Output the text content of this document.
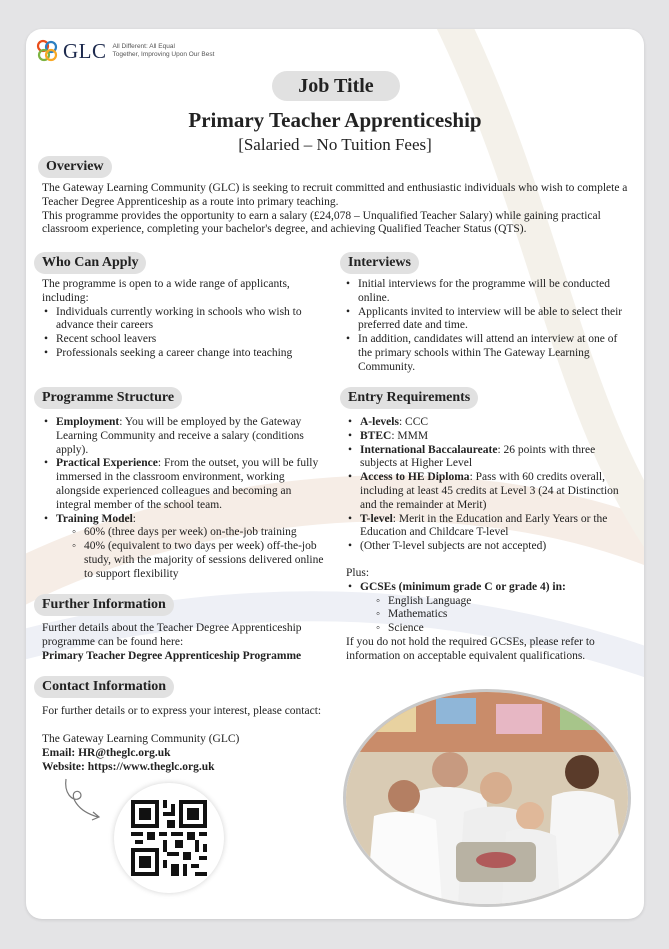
GLC All Different: All Equal
Together, Improving Upon Our Best
Job Title
Primary Teacher Apprenticeship
[Salaried – No Tuition Fees]
Overview

The Gateway Learning Community (GLC) is seeking to recruit committed and enthusiastic individuals who wish to complete a Teacher Degree Apprenticeship as a route into primary teaching.

This programme provides the opportunity to earn a salary (£24,078 – Unqualified Teacher Salary) while gaining practical classroom experience, completing your bachelor's degree, and achieving Qualified Teacher Status (QTS).

Who Can Apply

The programme is open to a wide range of applicants, including:

• Individuals currently working in schools who wish to advance their careers
• Recent school leavers
• Professionals seeking a career change into teaching
Interviews
• Initial interviews for the programme will be conducted online.
• Applicants invited to interview will be able to select their preferred date and time.
• In addition, candidates will attend an interview at one of the primary schools within The Gateway Learning Community.
Programme Structure
• Employment: You will be employed by the Gateway Learning Community and receive a salary (conditions apply).
• Practical Experience: From the outset, you will be fully immersed in the classroom environment, working alongside experienced colleagues and becoming an integral member of the school team.
• Training Model:
◦ 60% (three days per week) on-the-job training
◦ 40% (equivalent to two days per week) off-the-job study, with the majority of sessions delivered online to support flexibility
Entry Requirements
• A-levels: CCC
• BTEC: MMM
• International Baccalaureate: 26 points with three subjects at Higher Level
• Access to HE Diploma: Pass with 60 credits overall, including at least 45 credits at Level 3 (24 at Distinction and the remainder at Merit)
• T-level: Merit in the Education and Early Years or the Education and Childcare T-level
• (Other T-level subjects are not accepted)

Plus:

• GCSEs (minimum grade C or grade 4) in:
◦ English Language
◦ Mathematics
◦ Science

If you do not hold the required GCSEs, please refer to information on acceptable equivalent qualifications.

Further Information

Further details about the Teacher Degree Apprenticeship programme can be found here:

Primary Teacher Degree Apprenticeship Programme

Contact Information
For further details or to express your interest, please contact:

The Gateway Learning Community (GLC)

Email: HR@theglc.org.uk

Website: https://www.theglc.org.uk
